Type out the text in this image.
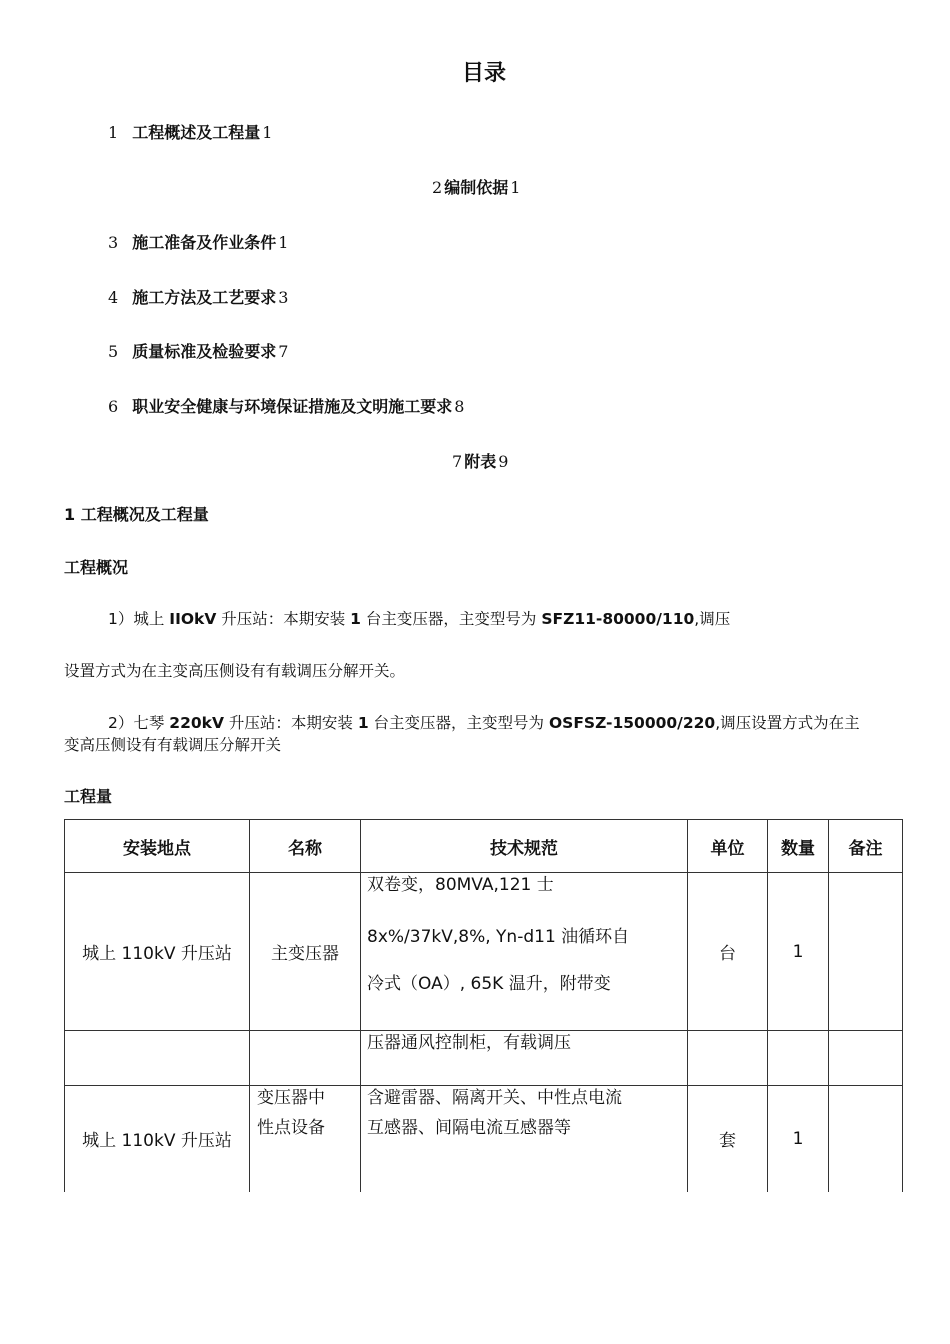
目录
1 工程概述及工程量 1
2 编制依据 1
3 施工准备及作业条件 1
4 施工方法及工艺要求 3
5 质量标准及检验要求 7
6 职业安全健康与环境保证措施及文明施工要求 8
7 附表 9
1 工程概况及工程量
工程概况
1）城上 IIOkV 升压站：本期安装 1 台主变压器，主变型号为 SFZ11-80000/110,调压
设置方式为在主变高压侧设有有载调压分解开关。
2）七琴 220kV 升压站：本期安装 1 台主变压器，主变型号为 OSFSZ-150000/220,调压设置方式为在主
变高压侧设有有载调压分解开关
工程量
安装地点	名称	技术规范	单位	数量	备注
城上 110kV 升压站	主变压器	双卷变，80MVA,121 士
8x%/37kV,8%, Yn-d11 油循环自
冷式（OA）, 65K 温升，附带变	台	1	

		压器通风控制柜，有载调压			

城上 110kV 升压站	变压器中
性点设备	含避雷器、隔离开关、中性点电流
互感器、间隔电流互感器等	套	1	
